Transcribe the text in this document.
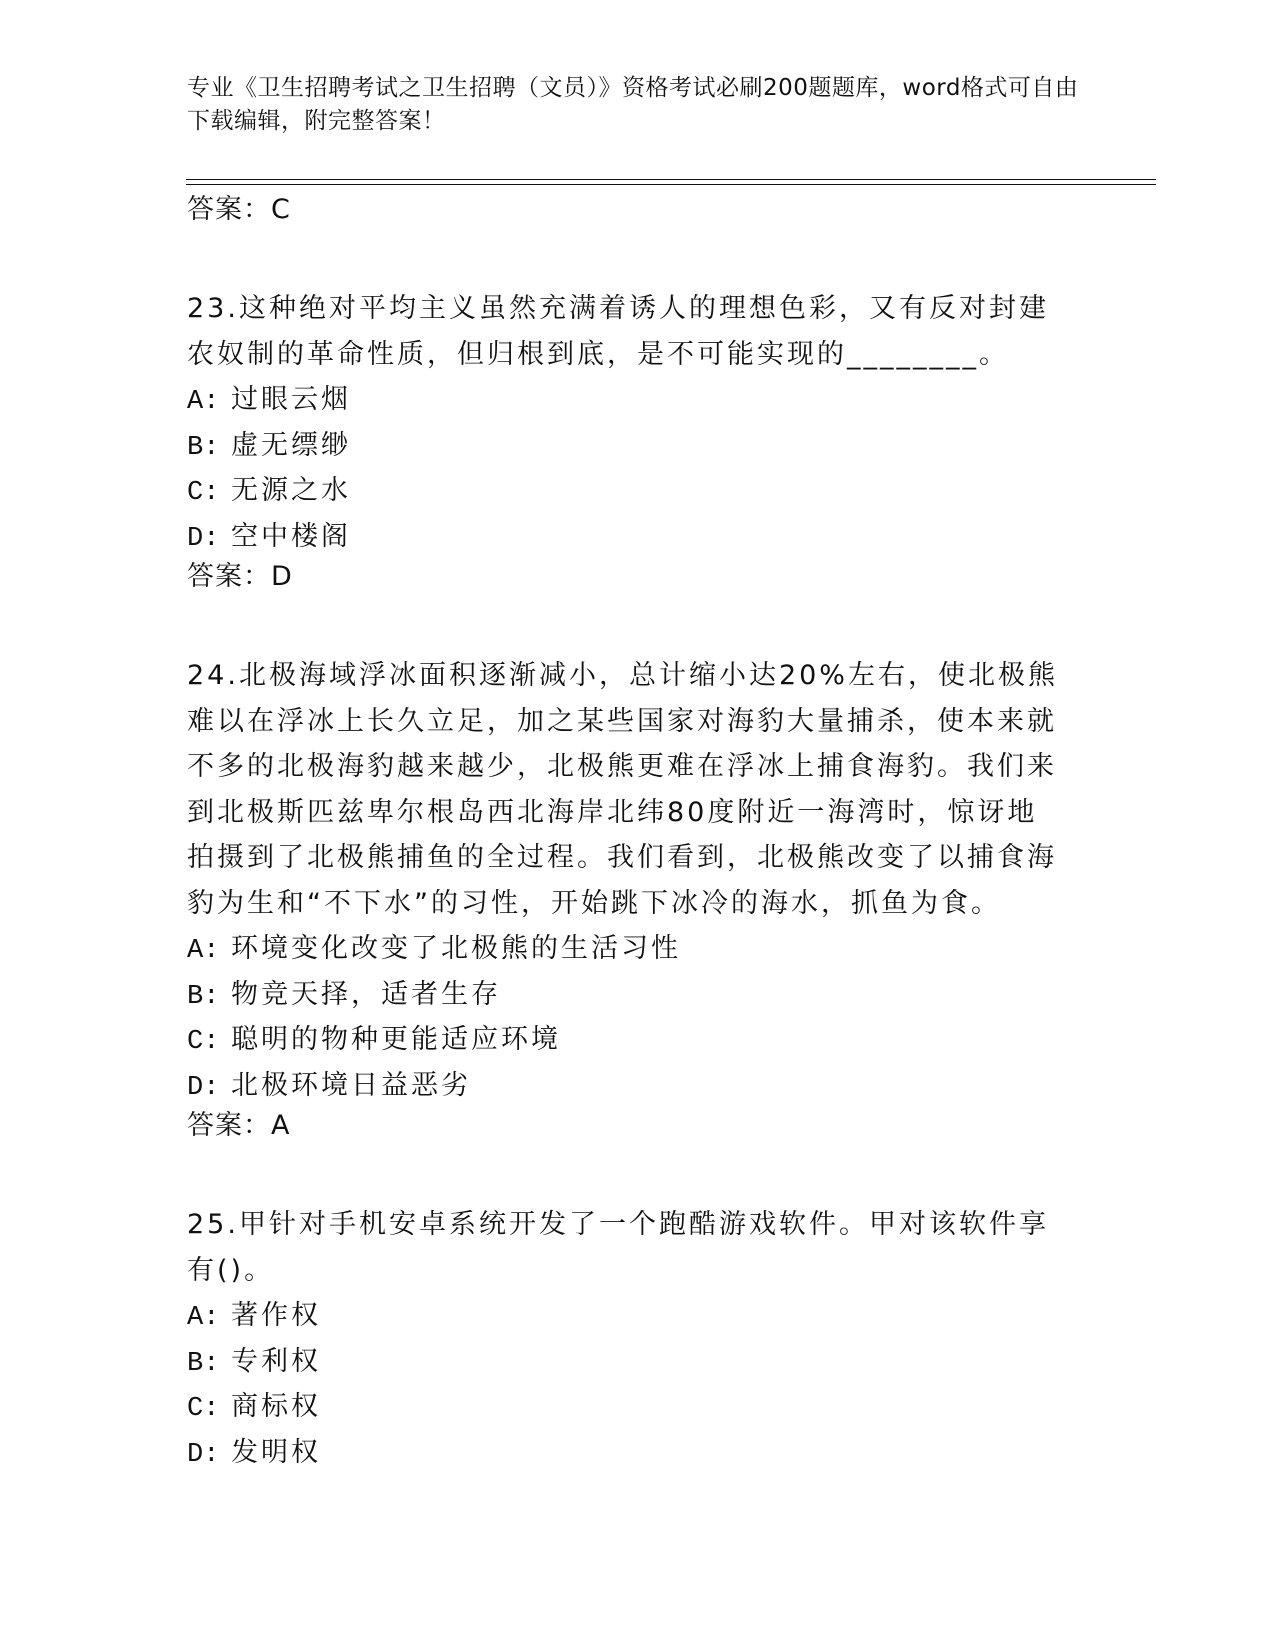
专业《卫生招聘考试之卫生招聘（文员）》资格考试必刷200题题库，word格式可自由下载编辑，附完整答案！
答案：C

23.这种绝对平均主义虽然充满着诱人的理想色彩，又有反对封建农奴制的革命性质，但归根到底，是不可能实现的________。

A: 过眼云烟
B: 虚无缥缈
C: 无源之水
D: 空中楼阁
答案：D

24.北极海域浮冰面积逐渐减小，总计缩小达20%左右，使北极熊难以在浮冰上长久立足，加之某些国家对海豹大量捕杀，使本来就不多的北极海豹越来越少，北极熊更难在浮冰上捕食海豹。我们来到北极斯匹兹卑尔根岛西北海岸北纬80度附近一海湾时，惊讶地拍摄到了北极熊捕鱼的全过程。我们看到，北极熊改变了以捕食海豹为生和“不下水”的习性，开始跳下冰冷的海水，抓鱼为食。

A: 环境变化改变了北极熊的生活习性
B: 物竞天择，适者生存
C: 聪明的物种更能适应环境
D: 北极环境日益恶劣
答案：A

25.甲针对手机安卓系统开发了一个跑酷游戏软件。甲对该软件享有()。

A: 著作权
B: 专利权
C: 商标权
D: 发明权
